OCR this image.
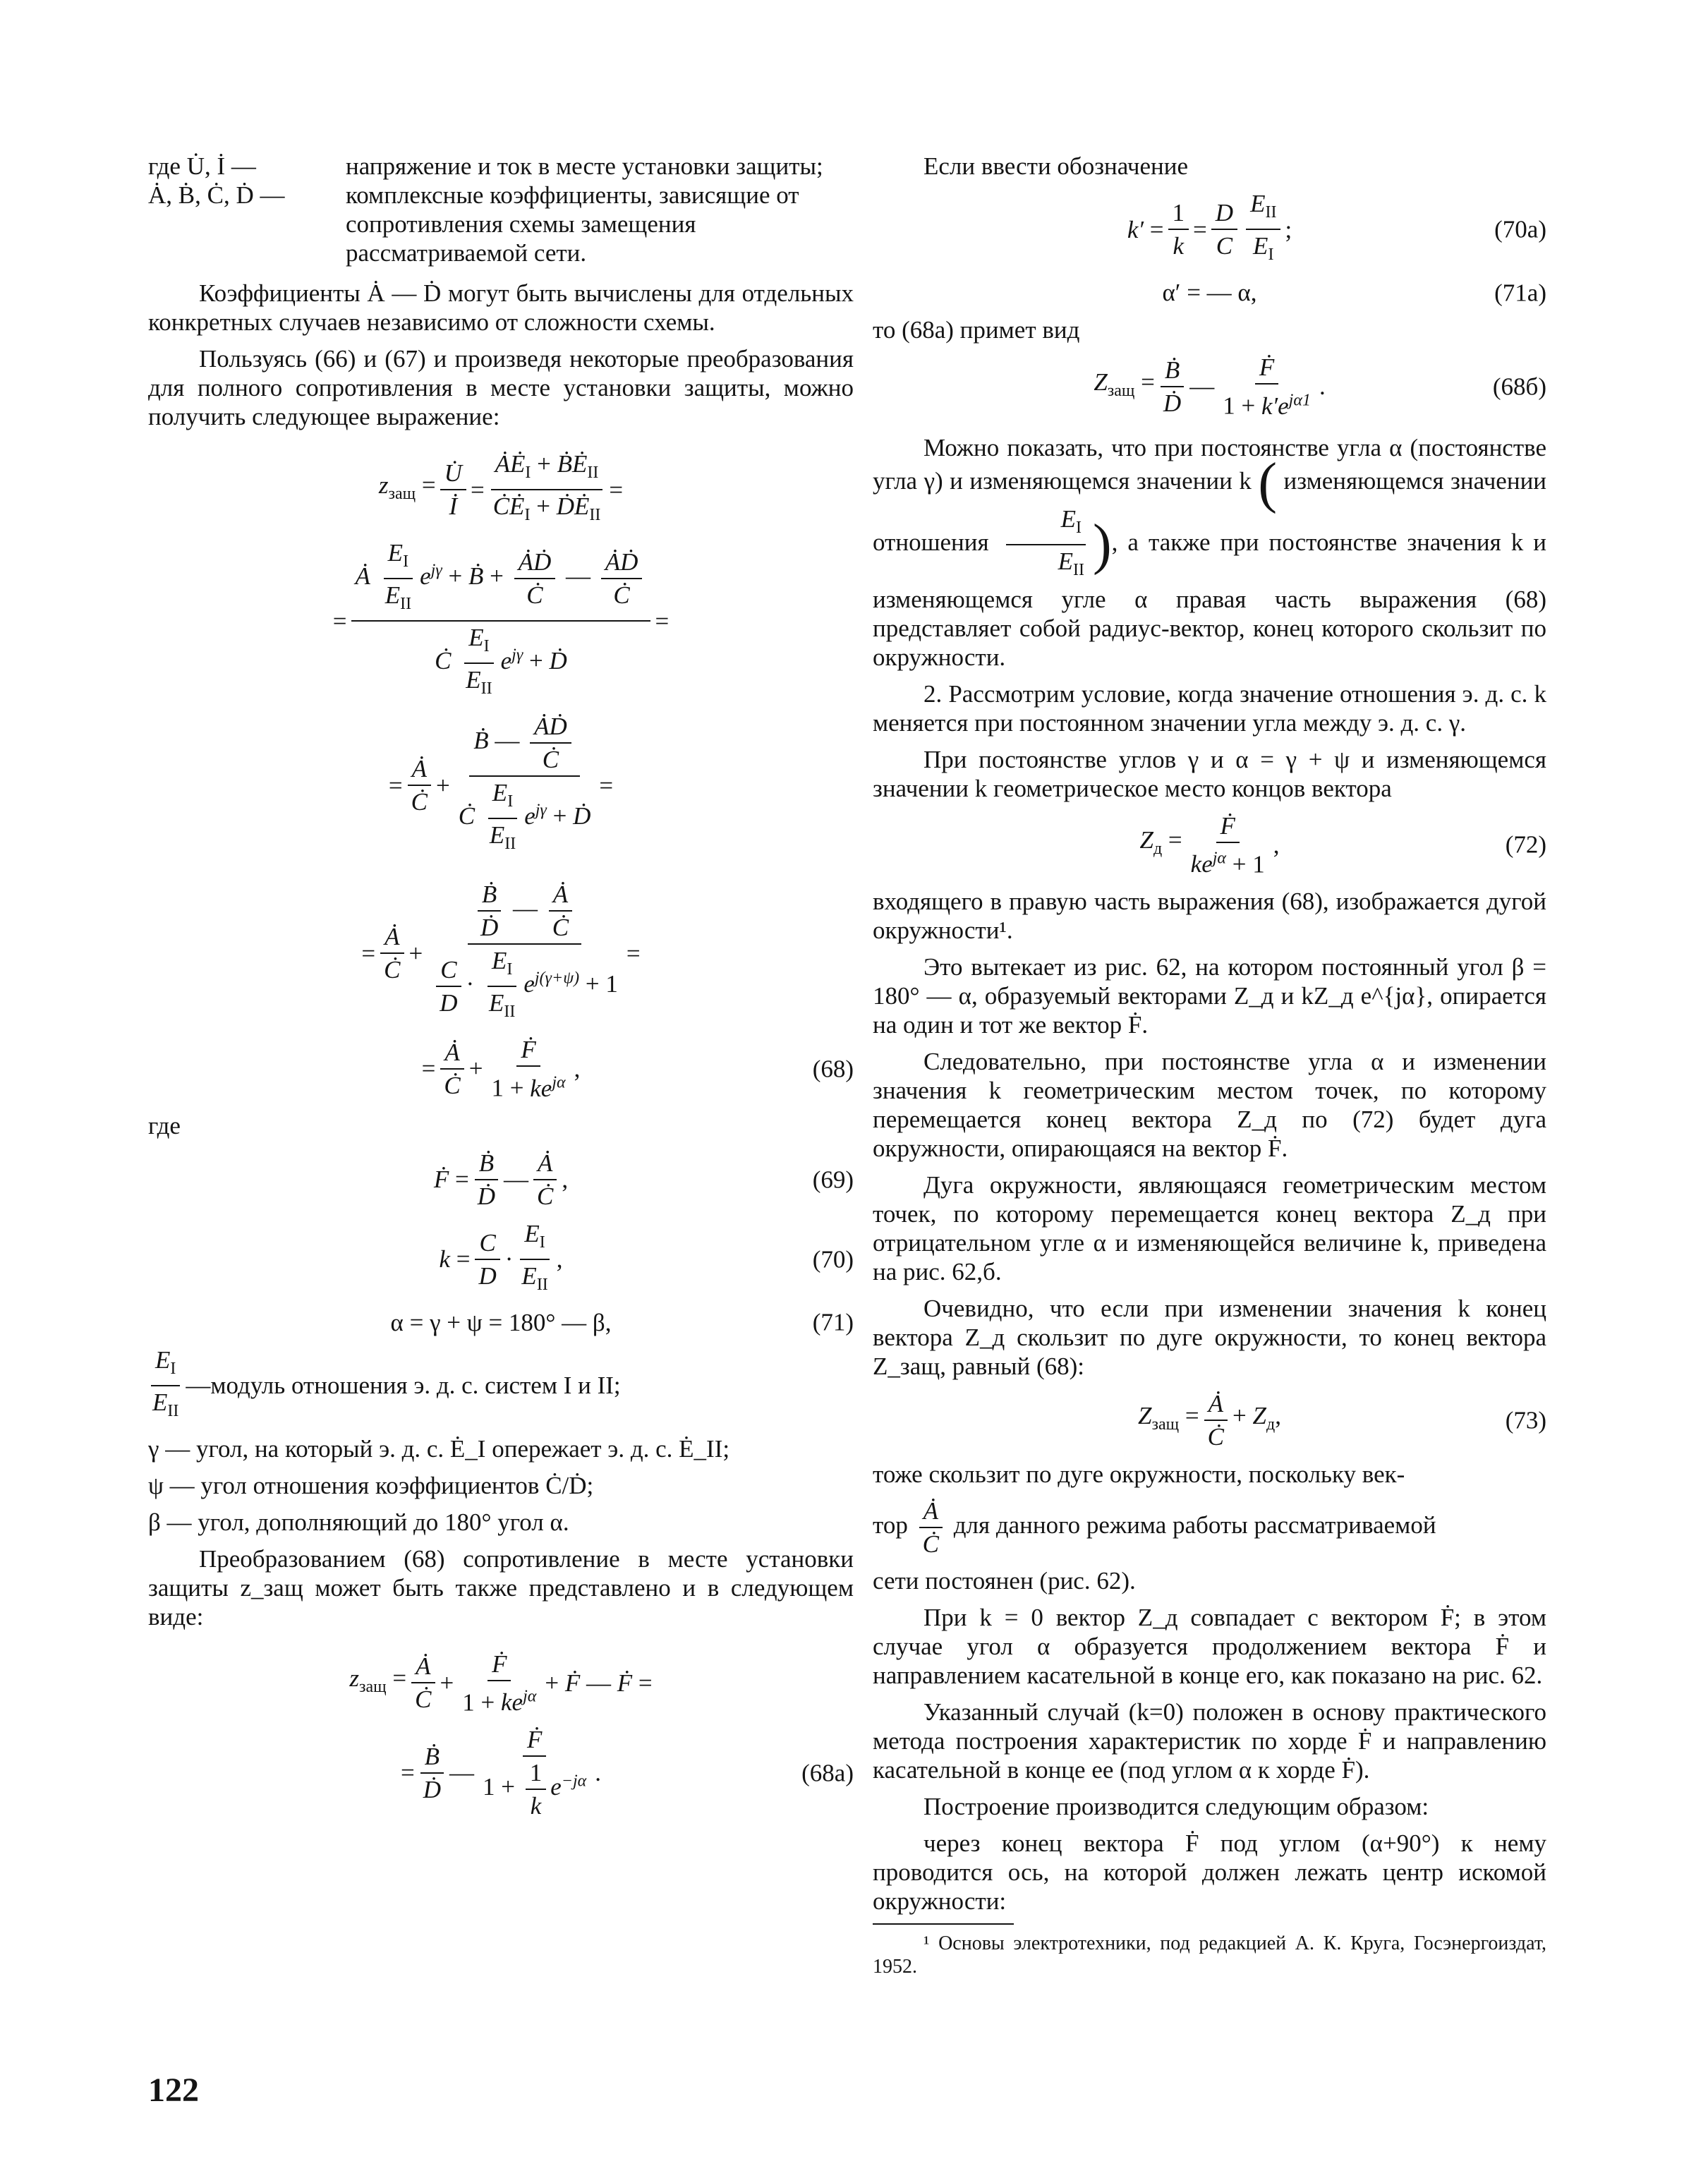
где U̇, İ —	напряжение и ток в месте установки защиты;
Ȧ, Ḃ, Ċ, Ḋ —	комплексные коэффициенты, зависящие от сопротивления схемы замещения рассматриваемой сети.

Коэффициенты Ȧ — Ḋ могут быть вычислены для отдельных конкретных случаев независимо от сложности схемы.

Пользуясь (66) и (67) и произведя некоторые преобразования для полного сопротивления в месте установки защиты, можно получить следующее выражение:

$z_{защ} = \frac{U̇}{İ} = \frac{ȦĖ_I + ḂĖ_{II}}{ĊĖ_I + ḊĖ_{II}}$ =
= $\frac{Ȧ \frac{E_I}{E_{II}} e^{j\gamma} + Ḃ + \frac{\text{ȦḊ}}{Ċ} — \frac{\text{ȦḊ}}{Ċ}}{Ċ \frac{E_I}{E_{II}} e^{j\gamma} + Ḋ}$ =
= $\frac{Ȧ}{Ċ} + \frac{Ḃ — \frac{\text{ȦḊ}}{Ċ}}{Ċ \frac{E_I}{E_{II}} e^{j\gamma} + Ḋ}$ =
= $\frac{Ȧ}{Ċ} + \frac{\frac{\text{Ḃ}}{\text{Ḋ}} — \frac{Ȧ}{Ċ}}{\frac{C}{D} \cdot \frac{E_I}{E_{II}} e^{j(\gamma+\psi)} + 1}$ =
= $\frac{Ȧ}{Ċ} + \frac{\text{Ḟ}}{1 + ke^{j\alpha}}$ ,	(68)

где

Ḟ = $\frac{\text{Ḃ}}{\text{Ḋ}}$ — $\frac{Ȧ}{Ċ}$ ,	(69)
$k = \frac{C}{D} \cdot \frac{E_I}{E_{II}}$ ,	(70)
α = γ + ψ = 180° — β,	(71)
$\frac{E_I}{E_{II}}$ —модуль отношения э. д. с. систем I и II;

γ — угол, на который э. д. с. Ė_I опережает э. д. с. Ė_II;

ψ — угол отношения коэффициентов Ċ/Ḋ;

β — угол, дополняющий до 180° угол α.

Преобразованием (68) сопротивление в месте установки защиты z_защ может быть также представлено и в следующем виде:

$z_{защ} = \frac{Ȧ}{Ċ} + \frac{\text{Ḟ}}{1 + ke^{j\alpha}}$ + Ḟ — Ḟ =
= $\frac{\text{Ḃ}}{\text{Ḋ}}$ — $\frac{\text{Ḟ}}{1 + \frac{1}{k} e^{-j\alpha}}$ .	(68а)

Если ввести обозначение

$k' = \frac{1}{k} = \frac{D}{C} \frac{E_{II}}{E_I}$ ;	(70а)
α′ = — α,	(71а)

то (68а) примет вид

$Z_{защ} = \frac{\text{Ḃ}}{\text{Ḋ}}$ — $\frac{\text{Ḟ}}{1 + k'e^{j\alpha 1}}$ .	(68б)

Можно показать, что при постоянстве угла α (постоянстве угла γ) и изменяющемся значении k ( изменяющемся значении отношения $\frac{E_I}{E_{II}}$ ), а также при постоянстве значения k и изменяющемся угле α правая часть выражения (68) представляет собой радиус-вектор, конец которого скользит по окружности.

2. Рассмотрим условие, когда значение отношения э. д. с. k меняется при постоянном значении угла между э. д. с. γ.

При постоянстве углов γ и α = γ + ψ и изменяющемся значении k геометрическое место концов вектора

$Z_д = \frac{\text{Ḟ}}{ke^{j\alpha} + 1}$ ,	(72)

входящего в правую часть выражения (68), изображается дугой окружности¹.

Это вытекает из рис. 62, на котором постоянный угол β = 180° — α, образуемый векторами Z_д и kZ_д e^{jα}, опирается на один и тот же вектор Ḟ.

Следовательно, при постоянстве угла α и изменении значения k геометрическим местом точек, по которому перемещается конец вектора Z_д по (72) будет дуга окружности, опирающаяся на вектор Ḟ.

Дуга окружности, являющаяся геометрическим местом точек, по которому перемещается конец вектора Z_д при отрицательном угле α и изменяющейся величине k, приведена на рис. 62,б.

Очевидно, что если при изменении значения k конец вектора Z_д скользит по дуге окружности, то конец вектора Z_защ, равный (68):

$Z_{защ} = \frac{Ȧ}{Ċ} + Z_д$,	(73)

тоже скользит по дуге окружности, поскольку век-

тор $\frac{Ȧ}{Ċ}$ для данного режима работы рассматриваемой

сети постоянен (рис. 62).

При k = 0 вектор Z_д совпадает с вектором Ḟ; в этом случае угол α образуется продолжением вектора Ḟ и направлением касательной в конце его, как показано на рис. 62.

Указанный случай (k=0) положен в основу практического метода построения характеристик по хорде Ḟ и направлению касательной в конце ее (под углом α к хорде Ḟ).

Построение производится следующим образом:

через конец вектора Ḟ под углом (α+90°) к нему проводится ось, на которой должен лежать центр искомой окружности:

¹ Основы электротехники, под редакцией А. К. Круга, Госэнергоиздат, 1952.

122
